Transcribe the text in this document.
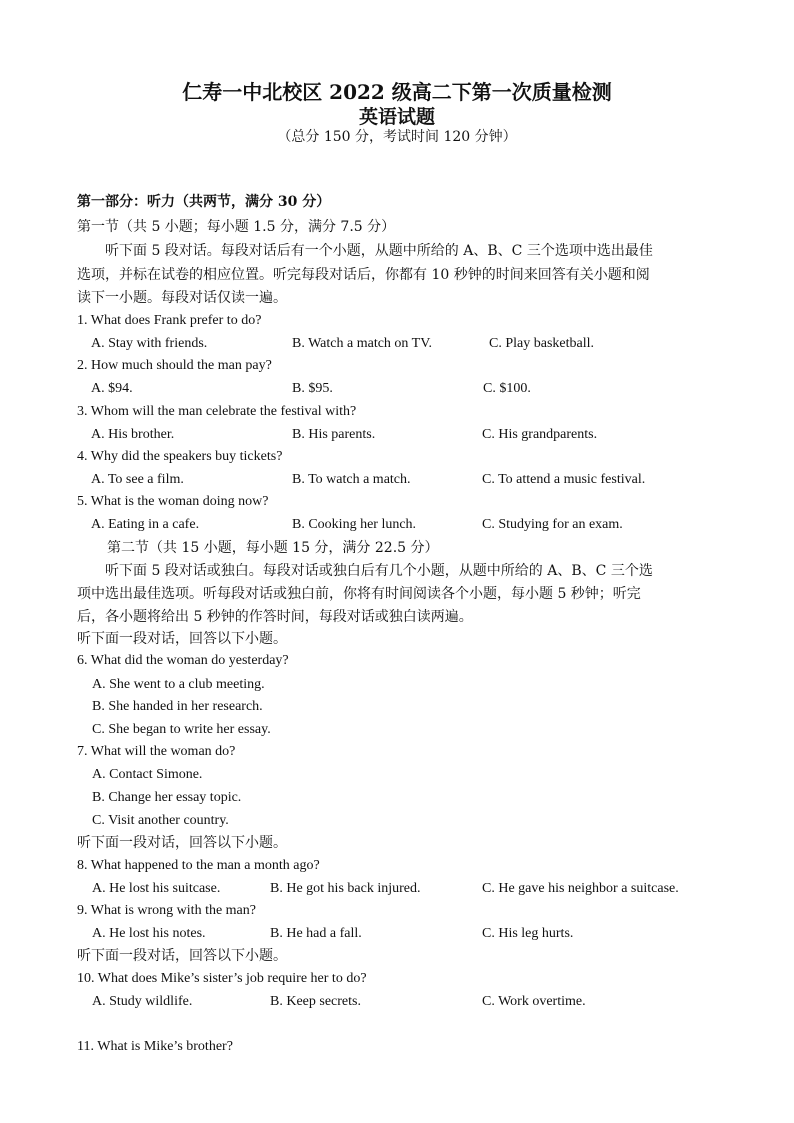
仁寿一中北校区 2022 级高二下第一次质量检测
英语试题
（总分 150 分，考试时间 120 分钟）
第一部分：听力（共两节，满分 30 分）
第一节（共 5 小题；每小题 1.5 分，满分 7.5 分）
听下面 5 段对话。每段对话后有一个小题，从题中所给的 A、B、C 三个选项中选出最佳
选项，并标在试卷的相应位置。听完每段对话后，你都有 10 秒钟的时间来回答有关小题和阅
读下一小题。每段对话仅读一遍。
1. What does Frank prefer to do?
A. Stay with friends.	B. Watch a match on TV.	C. Play basketball.
2. How much should the man pay?
A. $94.	B. $95.	C. $100.
3. Whom will the man celebrate the festival with?
A. His brother.	B. His parents.	C. His grandparents.
4. Why did the speakers buy tickets?
A. To see a film.	B. To watch a match.	C. To attend a music festival.
5. What is the woman doing now?
A. Eating in a cafe.	B. Cooking her lunch.	C. Studying for an exam.
第二节（共 15 小题，每小题 15 分，满分 22.5 分）
听下面 5 段对话或独白。每段对话或独白后有几个小题，从题中所给的 A、B、C 三个选
项中选出最佳选项。听每段对话或独白前，你将有时间阅读各个小题，每小题 5 秒钟；听完
后，各小题将给出 5 秒钟的作答时间，每段对话或独白读两遍。
听下面一段对话，回答以下小题。
6. What did the woman do yesterday?
A. She went to a club meeting.
B. She handed in her research.
C. She began to write her essay.
7. What will the woman do?
A. Contact Simone.
B. Change her essay topic.
C. Visit another country.
听下面一段对话，回答以下小题。
8. What happened to the man a month ago?
A. He lost his suitcase.	B. He got his back injured.	C. He gave his neighbor a suitcase.
9. What is wrong with the man?
A. He lost his notes.	B. He had a fall.	C. His leg hurts.
听下面一段对话，回答以下小题。
10. What does Mike’s sister’s job require her to do?
A. Study wildlife.	B. Keep secrets.	C. Work overtime.
11. What is Mike’s brother?
